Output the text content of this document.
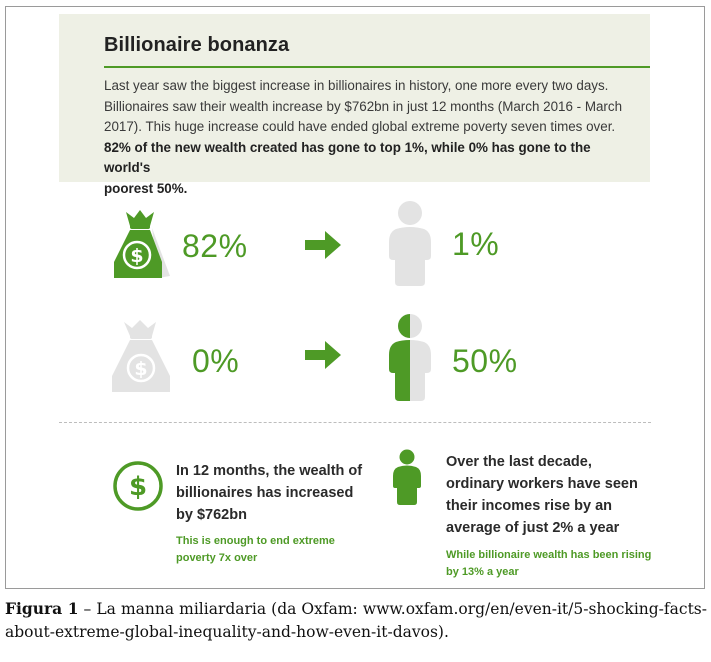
Billionaire bonanza
Last year saw the biggest increase in billionaires in history, one more every two days.
Billionaires saw their wealth increase by $762bn in just 12 months (March 2016 - March
2017). This huge increase could have ended global extreme poverty seven times over.
82% of the new wealth created has gone to top 1%, while 0% has gone to the world's
poorest 50%.
$ 82%	1%
$ 0%	50%
$
In 12 months, the wealth of
billionaires has increased
by $762bn
This is enough to end extreme
poverty 7x over
Over the last decade,
ordinary workers have seen
their incomes rise by an
average of just 2% a year
While billionaire wealth has been rising
by 13% a year
Figura 1 – La manna miliardaria (da Oxfam: www.oxfam.org/en/even-it/5-shocking-facts-about-extreme-global-inequality-and-how-even-it-davos).
